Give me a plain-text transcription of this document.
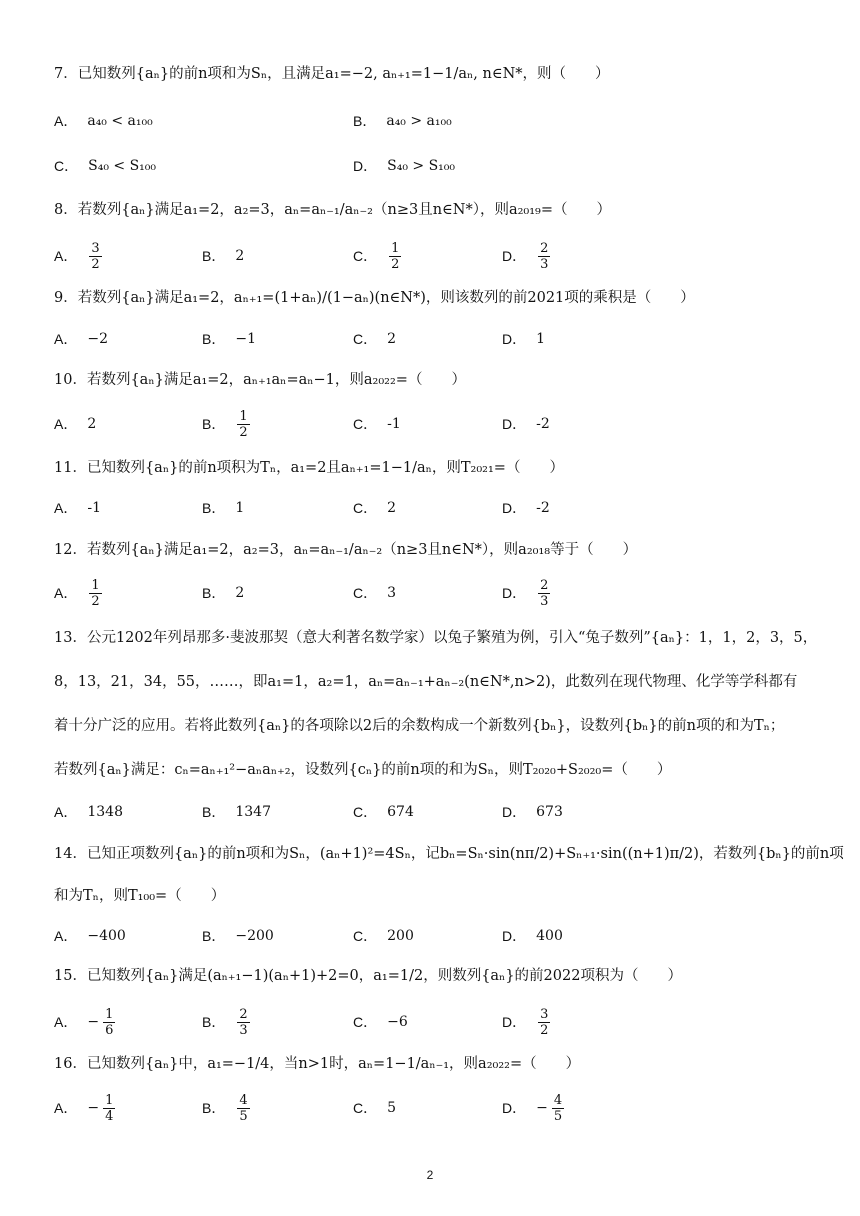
7．已知数列{aₙ}的前n项和为Sₙ，且满足a₁=−2, aₙ₊₁=1−1/aₙ, n∈N*，则（　　）
A． a₄₀ < a₁₀₀	B． a₄₀ > a₁₀₀
C． S₄₀ < S₁₀₀	D． S₄₀ > S₁₀₀
8．若数列{aₙ}满足a₁=2，a₂=3，aₙ=aₙ₋₁/aₙ₋₂（n≥3且n∈N*），则a₂₀₁₉=（　　）
A． $\frac{3}{2}$	B． 2	C． $\frac{1}{2}$	D． $\frac{2}{3}$
9．若数列{aₙ}满足a₁=2，aₙ₊₁=(1+aₙ)/(1−aₙ)(n∈N*)，则该数列的前2021项的乘积是（　　）
A． −2	B． −1	C． 2	D． 1
10．若数列{aₙ}满足a₁=2，aₙ₊₁aₙ=aₙ−1，则a₂₀₂₂=（　　）
A． 2	B． $\frac{1}{2}$	C． -1	D． -2
11．已知数列{aₙ}的前n项积为Tₙ，a₁=2且aₙ₊₁=1−1/aₙ，则T₂₀₂₁=（　　）
A． -1	B． 1	C． 2	D． -2
12．若数列{aₙ}满足a₁=2，a₂=3，aₙ=aₙ₋₁/aₙ₋₂（n≥3且n∈N*），则a₂₀₁₈等于（　　）
A． $\frac{1}{2}$	B． 2	C． 3	D． $\frac{2}{3}$
13．公元1202年列昂那多·斐波那契（意大利著名数学家）以兔子繁殖为例，引入“兔子数列”{aₙ}：1，1，2，3，5，
8，13，21，34，55，……，即a₁=1，a₂=1，aₙ=aₙ₋₁+aₙ₋₂(n∈N*,n>2)，此数列在现代物理、化学等学科都有
着十分广泛的应用。若将此数列{aₙ}的各项除以2后的余数构成一个新数列{bₙ}，设数列{bₙ}的前n项的和为Tₙ；
若数列{aₙ}满足：cₙ=aₙ₊₁²−aₙaₙ₊₂，设数列{cₙ}的前n项的和为Sₙ，则T₂₀₂₀+S₂₀₂₀=（　　）
A． 1348	B． 1347	C． 674	D． 673
14．已知正项数列{aₙ}的前n项和为Sₙ，(aₙ+1)²=4Sₙ，记bₙ=Sₙ·sin(nπ/2)+Sₙ₊₁·sin((n+1)π/2)，若数列{bₙ}的前n项
和为Tₙ，则T₁₀₀=（　　）
A． −400	B． −200	C． 200	D． 400
15．已知数列{aₙ}满足(aₙ₊₁−1)(aₙ+1)+2=0，a₁=1/2，则数列{aₙ}的前2022项积为（　　）
A． − $\frac{1}{6}$	B． $\frac{2}{3}$	C． −6	D． $\frac{3}{2}$
16．已知数列{aₙ}中，a₁=−1/4，当n>1时，aₙ=1−1/aₙ₋₁，则a₂₀₂₂=（　　）
A． − $\frac{1}{4}$	B． $\frac{4}{5}$	C． 5	D． − $\frac{4}{5}$
2
